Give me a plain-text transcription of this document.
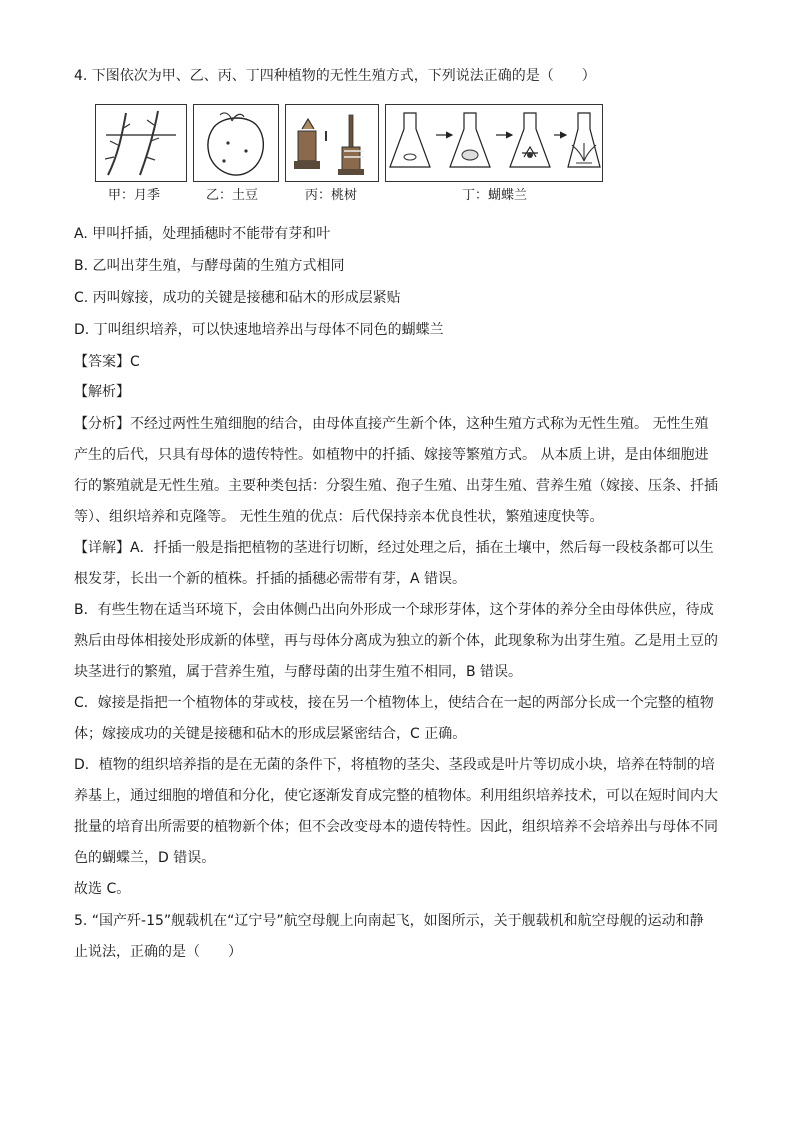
4. 下图依次为甲、乙、丙、丁四种植物的无性生殖方式，下列说法正确的是（　　）
甲：月季	乙：土豆	丙：桃树	丁：蝴蝶兰
A. 甲叫扦插，处理插穗时不能带有芽和叶
B. 乙叫出芽生殖，与酵母菌的生殖方式相同
C. 丙叫嫁接，成功的关键是接穗和砧木的形成层紧贴
D. 丁叫组织培养，可以快速地培养出与母体不同色的蝴蝶兰
【答案】C
【解析】
【分析】不经过两性生殖细胞的结合，由母体直接产生新个体，这种生殖方式称为无性生殖。 无性生殖
产生的后代，只具有母体的遗传特性。如植物中的扦插、嫁接等繁殖方式。 从本质上讲，是由体细胞进
行的繁殖就是无性生殖。主要种类包括：分裂生殖、孢子生殖、出芽生殖、营养生殖（嫁接、压条、扦插
等）、组织培养和克隆等。 无性生殖的优点：后代保持亲本优良性状，繁殖速度快等。
【详解】A．扦插一般是指把植物的茎进行切断，经过处理之后，插在土壤中，然后每一段枝条都可以生
根发芽，长出一个新的植株。扦插的插穗必需带有芽，A 错误。
B．有些生物在适当环境下，会由体侧凸出向外形成一个球形芽体，这个芽体的养分全由母体供应，待成
熟后由母体相接处形成新的体壁，再与母体分离成为独立的新个体，此现象称为出芽生殖。乙是用土豆的
块茎进行的繁殖，属于营养生殖，与酵母菌的出芽生殖不相同，B 错误。
C．嫁接是指把一个植物体的芽或枝，接在另一个植物体上，使结合在一起的两部分长成一个完整的植物
体；嫁接成功的关键是接穗和砧木的形成层紧密结合，C 正确。
D．植物的组织培养指的是在无菌的条件下，将植物的茎尖、茎段或是叶片等切成小块，培养在特制的培
养基上，通过细胞的增值和分化，使它逐渐发育成完整的植物体。利用组织培养技术，可以在短时间内大
批量的培育出所需要的植物新个体；但不会改变母本的遗传特性。因此，组织培养不会培养出与母体不同
色的蝴蝶兰，D 错误。
故选 C。
5. “国产歼-15”舰载机在“辽宁号”航空母舰上向南起飞，如图所示，关于舰载机和航空母舰的运动和静
止说法，正确的是（　　）
